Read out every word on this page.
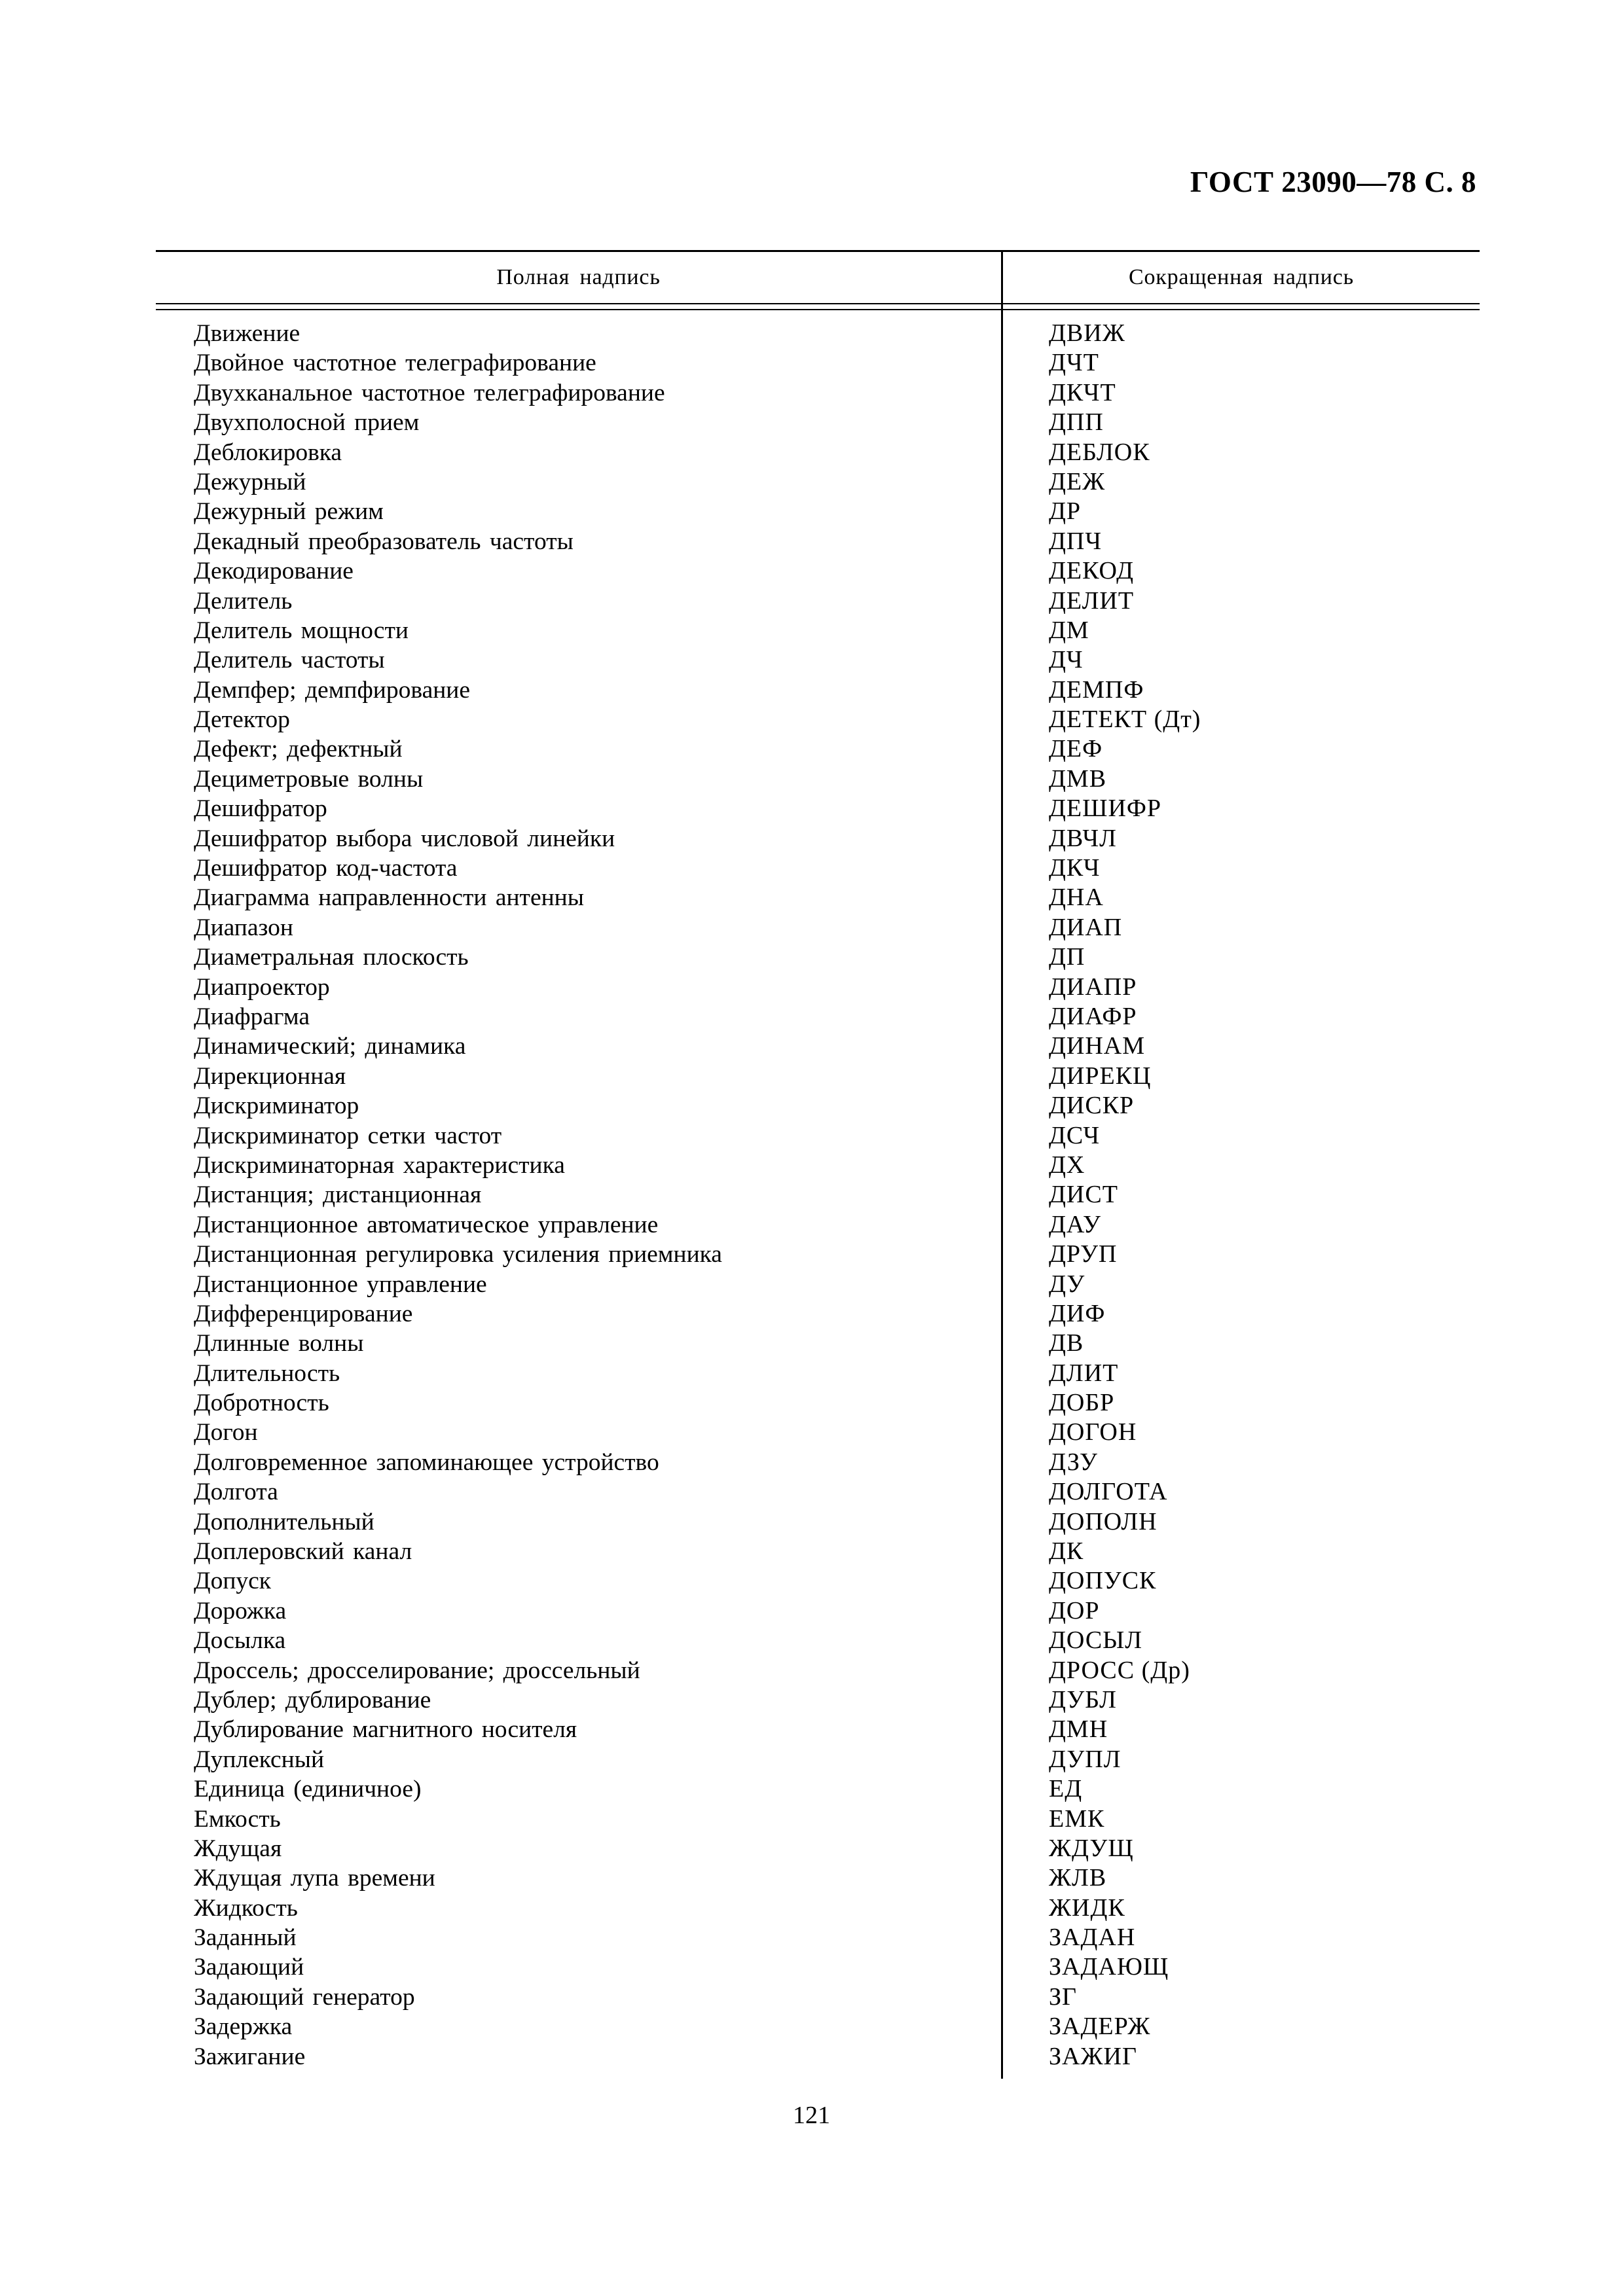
ГОСТ 23090—78 С. 8
Полная надпись	Сокращенная надпись
Движение	ДВИЖ
Двойное частотное телеграфирование	ДЧТ
Двухканальное частотное телеграфирование	ДКЧТ
Двухполосной прием	ДПП
Деблокировка	ДЕБЛОК
Дежурный	ДЕЖ
Дежурный режим	ДР
Декадный преобразователь частоты	ДПЧ
Декодирование	ДЕКОД
Делитель	ДЕЛИТ
Делитель мощности	ДМ
Делитель частоты	ДЧ
Демпфер; демпфирование	ДЕМПФ
Детектор	ДЕТЕКТ (Дт)
Дефект; дефектный	ДЕФ
Дециметровые волны	ДМВ
Дешифратор	ДЕШИФР
Дешифратор выбора числовой линейки	ДВЧЛ
Дешифратор код-частота	ДКЧ
Диаграмма направленности антенны	ДНА
Диапазон	ДИАП
Диаметральная плоскость	ДП
Диапроектор	ДИАПР
Диафрагма	ДИАФР
Динамический; динамика	ДИНАМ
Дирекционная	ДИРЕКЦ
Дискриминатор	ДИСКР
Дискриминатор сетки частот	ДСЧ
Дискриминаторная характеристика	ДХ
Дистанция; дистанционная	ДИСТ
Дистанционное автоматическое управление	ДАУ
Дистанционная регулировка усиления приемника	ДРУП
Дистанционное управление	ДУ
Дифференцирование	ДИФ
Длинные волны	ДВ
Длительность	ДЛИТ
Добротность	ДОБР
Догон	ДОГОН
Долговременное запоминающее устройство	ДЗУ
Долгота	ДОЛГОТА
Дополнительный	ДОПОЛН
Доплеровский канал	ДК
Допуск	ДОПУСК
Дорожка	ДОР
Досылка	ДОСЫЛ
Дроссель; дросселирование; дроссельный	ДРОСС (Др)
Дублер; дублирование	ДУБЛ
Дублирование магнитного носителя	ДМН
Дуплексный	ДУПЛ
Единица (единичное)	ЕД
Емкость	ЕМК
Ждущая	ЖДУЩ
Ждущая лупа времени	ЖЛВ
Жидкость	ЖИДК
Заданный	ЗАДАН
Задающий	ЗАДАЮЩ
Задающий генератор	ЗГ
Задержка	ЗАДЕРЖ
Зажигание	ЗАЖИГ
121
